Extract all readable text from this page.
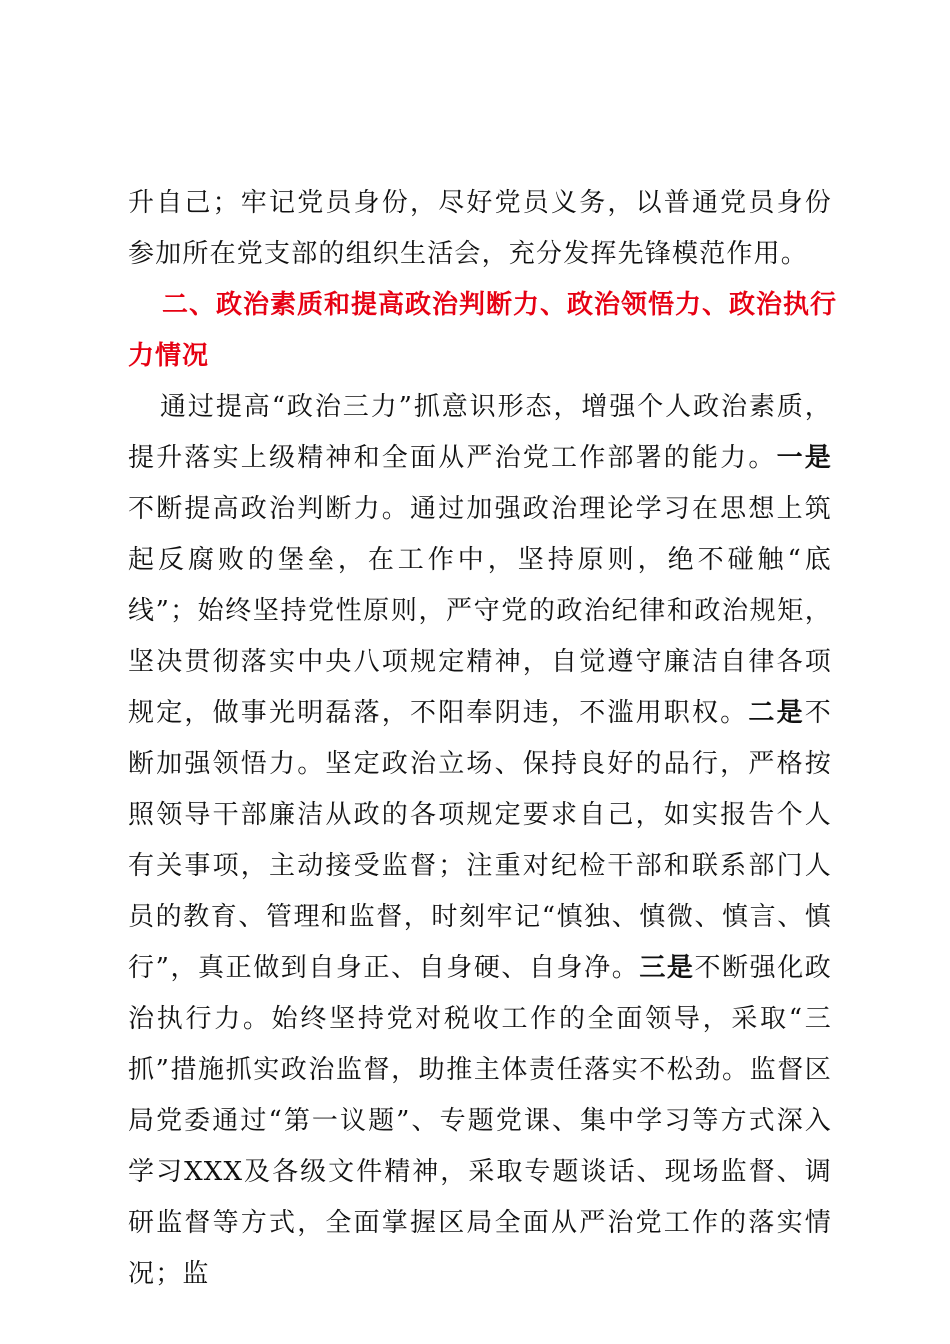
升自己；牢记党员身份，尽好党员义务，以普通党员身份参加所在党支部的组织生活会，充分发挥先锋模范作用。

二、政治素质和提高政治判断力、政治领悟力、政治执行力情况

通过提高“政治三力”抓意识形态，增强个人政治素质，提升落实上级精神和全面从严治党工作部署的能力。一是不断提高政治判断力。通过加强政治理论学习在思想上筑起反腐败的堡垒，在工作中，坚持原则，绝不碰触“底线”；始终坚持党性原则，严守党的政治纪律和政治规矩，坚决贯彻落实中央八项规定精神，自觉遵守廉洁自律各项规定，做事光明磊落，不阳奉阴违，不滥用职权。二是不断加强领悟力。坚定政治立场、保持良好的品行，严格按照领导干部廉洁从政的各项规定要求自己，如实报告个人有关事项，主动接受监督；注重对纪检干部和联系部门人员的教育、管理和监督，时刻牢记“慎独、慎微、慎言、慎行”，真正做到自身正、自身硬、自身净。三是不断强化政治执行力。始终坚持党对税收工作的全面领导，采取“三抓”措施抓实政治监督，助推主体责任落实不松劲。监督区局党委通过“第一议题”、专题党课、集中学习等方式深入学习XXX及各级文件精神，采取专题谈话、现场监督、调研监督等方式，全面掌握区局全面从严治党工作的落实情况；监
